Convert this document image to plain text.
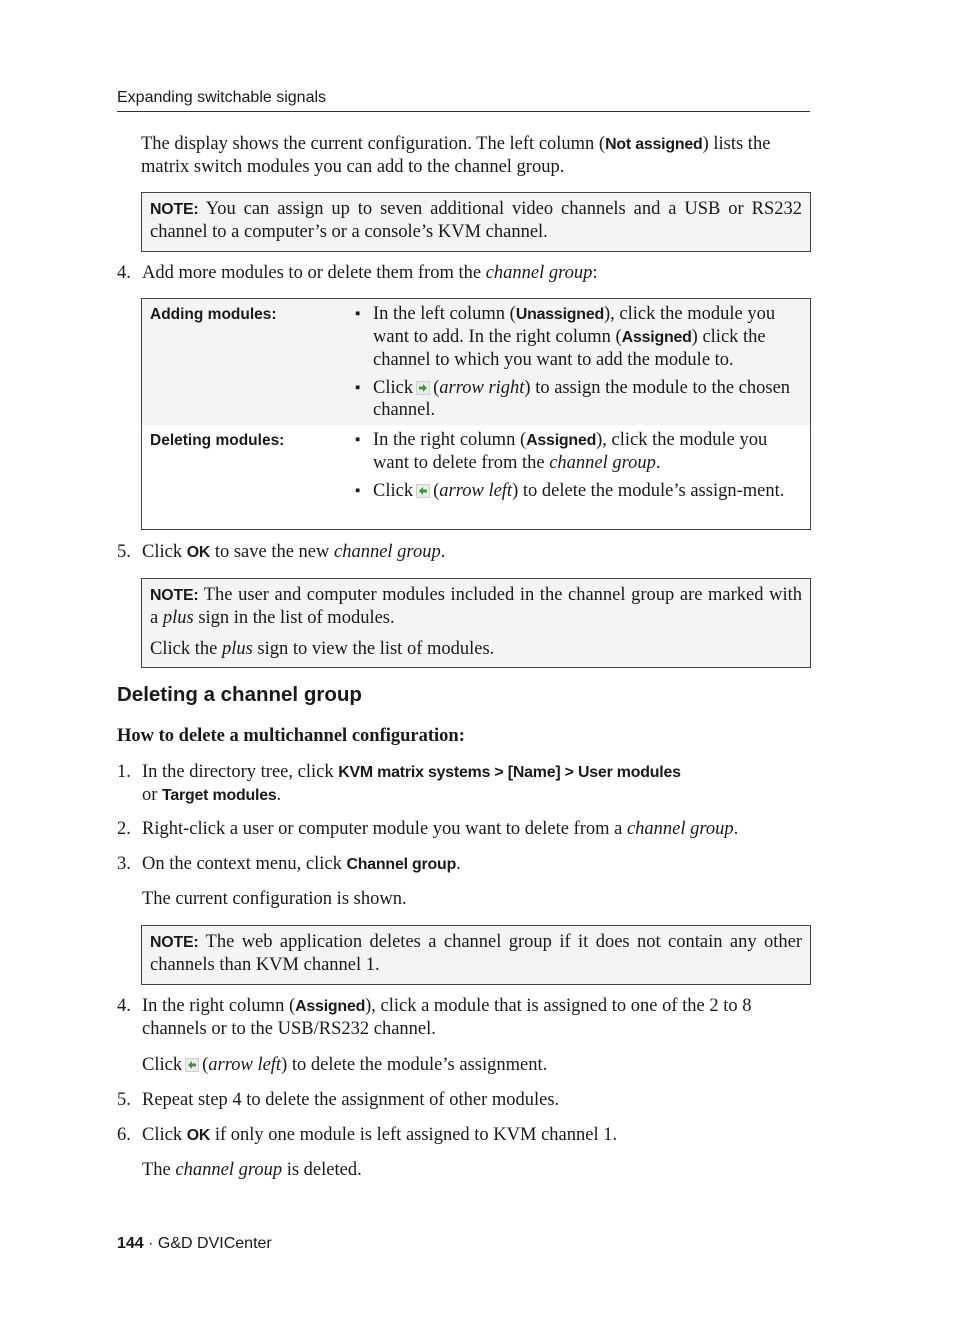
Expanding switchable signals
The display shows the current configuration. The left column (Not assigned) lists the matrix switch modules you can add to the channel group.

NOTE: You can assign up to seven additional video channels and a USB or RS232 channel to a computer’s or a console’s KVM channel.

4. Add more modules to or delete them from the channel group:
Adding modules:	▪ In the left column (Unassigned), click the module you want to add. In the right column (Assigned) click the channel to which you want to add the module to.
▪ Click (arrow right) to assign the module to the chosen channel.
Deleting modules:	▪ In the right column (Assigned), click the module you want to delete from the channel group.
▪ Click (arrow left) to delete the module’s assign-ment.
5. Click OK to save the new channel group.

NOTE: The user and computer modules included in the channel group are marked with a plus sign in the list of modules.

Click the plus sign to view the list of modules.

Deleting a channel group
How to delete a multichannel configuration:
1. In the directory tree, click KVM matrix systems > [Name] > User modules
or Target modules.
2. Right-click a user or computer module you want to delete from a channel group.
3. On the context menu, click Channel group.
The current configuration is shown.

NOTE: The web application deletes a channel group if it does not contain any other channels than KVM channel 1.

4. In the right column (Assigned), click a module that is assigned to one of the 2 to 8 channels or to the USB/RS232 channel.
Click (arrow left) to delete the module’s assignment.
5. Repeat step 4 to delete the assignment of other modules.
6. Click OK if only one module is left assigned to KVM channel 1.
The channel group is deleted.
144 · G&D DVICenter
